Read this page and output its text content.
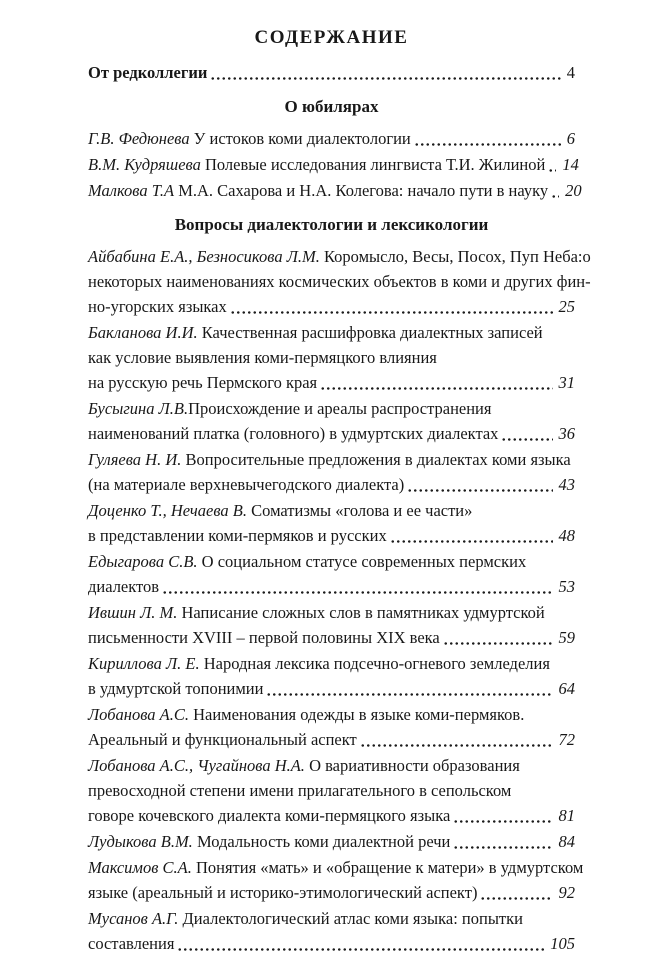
СОДЕРЖАНИЕ
От редколлегии	4
О юбилярах
Г.В. Федюнева У истоков коми диалектологии	6
В.М. Кудряшева Полевые исследования лингвиста Т.И. Жилиной 14
Малкова Т.А М.А. Сахарова и Н.А. Колегова: начало пути в науку 20
Вопросы диалектологии и лексикологии
Айбабина Е.А., Безносикова Л.М. Коромысло, Весы, Посох, Пуп Неба:о
некоторых наименованиях космических объектов в коми и других фин-
но-угорских языках	25
Бакланова И.И. Качественная расшифровка диалектных записей
как условие выявления коми-пермяцкого влияния
на русскую речь Пермского края	31
Бусыгина Л.В.Происхождение и ареалы распространения
наименований платка (головного) в удмуртских диалектах	36
Гуляева Н. И. Вопросительные предложения в диалектах коми языка
(на материале верхневычегодского диалекта)	43
Доценко Т., Нечаева В. Соматизмы «голова и ее части»
в представлении коми-пермяков и русских	48
Едыгарова С.В. О социальном статусе современных пермских
диалектов	53
Ившин Л. М. Написание сложных слов в памятниках удмуртской
письменности XVIII – первой половины XIX века	59
Кириллова Л. Е. Народная лексика подсечно-огневого земледелия
в удмуртской топонимии	64
Лобанова А.С. Наименования одежды в языке коми-пермяков.
Ареальный и функциональный аспект	72
Лобанова А.С., Чугайнова Н.А. О вариативности образования
превосходной степени имени прилагательного в сепольском
говоре кочевского диалекта коми-пермяцкого языка	81
Лудыкова В.М. Модальность коми диалектной речи	84
Максимов С.А. Понятия «мать» и «обращение к матери» в удмуртском
языке (ареальный и историко-этимологический аспект)	92
Мусанов А.Г. Диалектологический атлас коми языка: попытки
составления	105
